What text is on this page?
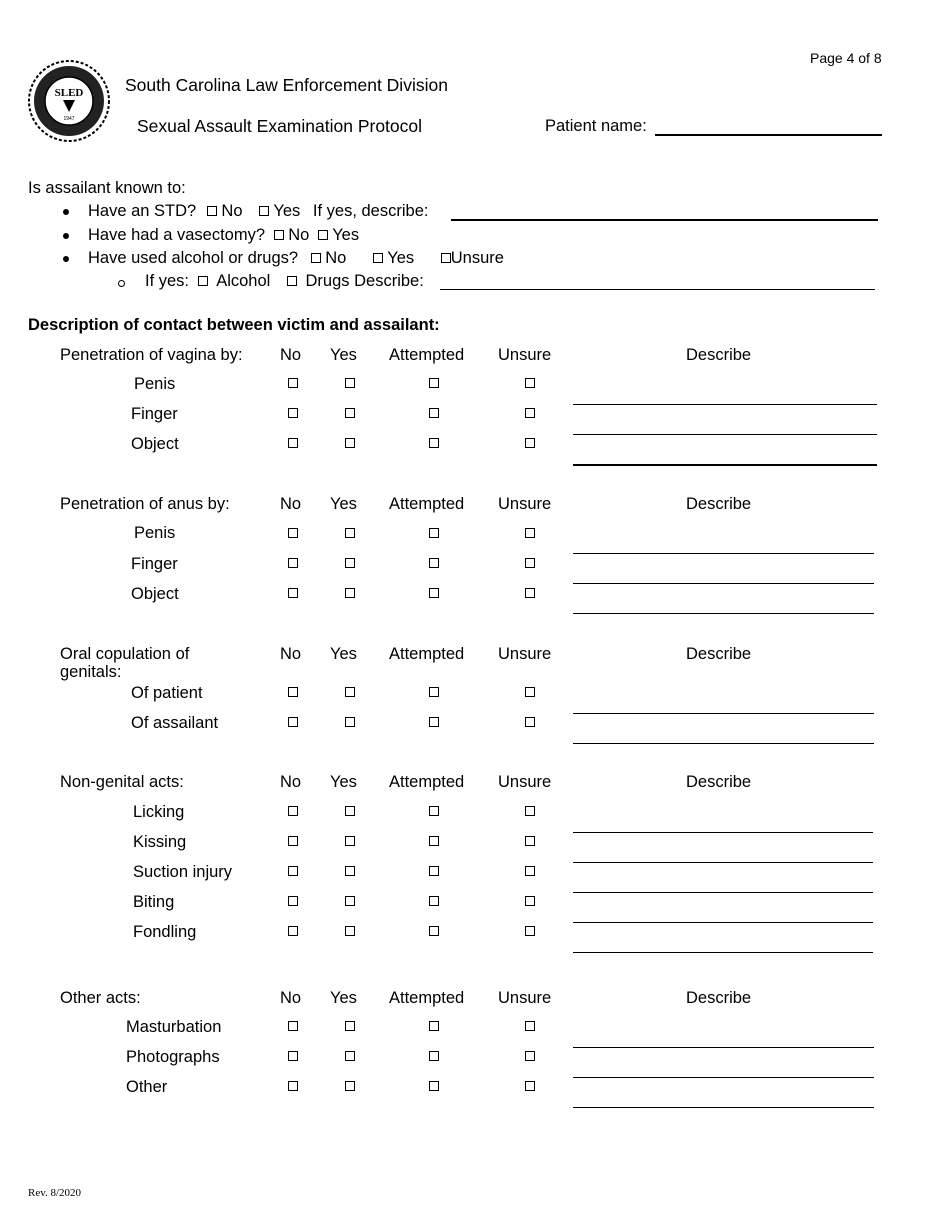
Page 4 of 8
SLED
1947
South Carolina Law Enforcement Division
Sexual Assault Examination Protocol	Patient name:
Is assailant known to:
Have an STD? No Yes If yes, describe:
Have had a vasectomy? No Yes
Have used alcohol or drugs? No Yes Unsure
If yes: Alcohol Drugs Describe:
Description of contact between victim and assailant:
Penetration of vagina by: No Yes Attempted Unsure	Describe
Penis
Finger
Object
Penetration of anus by:	No Yes Attempted Unsure	Describe
Penis
Finger
Object
Oral copulation of
genitals:
No Yes Attempted Unsure	Describe
Of patient
Of assailant
Non-genital acts:	No Yes Attempted Unsure	Describe
Licking
Kissing
Suction injury
Biting
Fondling
Other acts:	No Yes Attempted Unsure	Describe
Masturbation
Photographs
Other
Rev. 8/2020
